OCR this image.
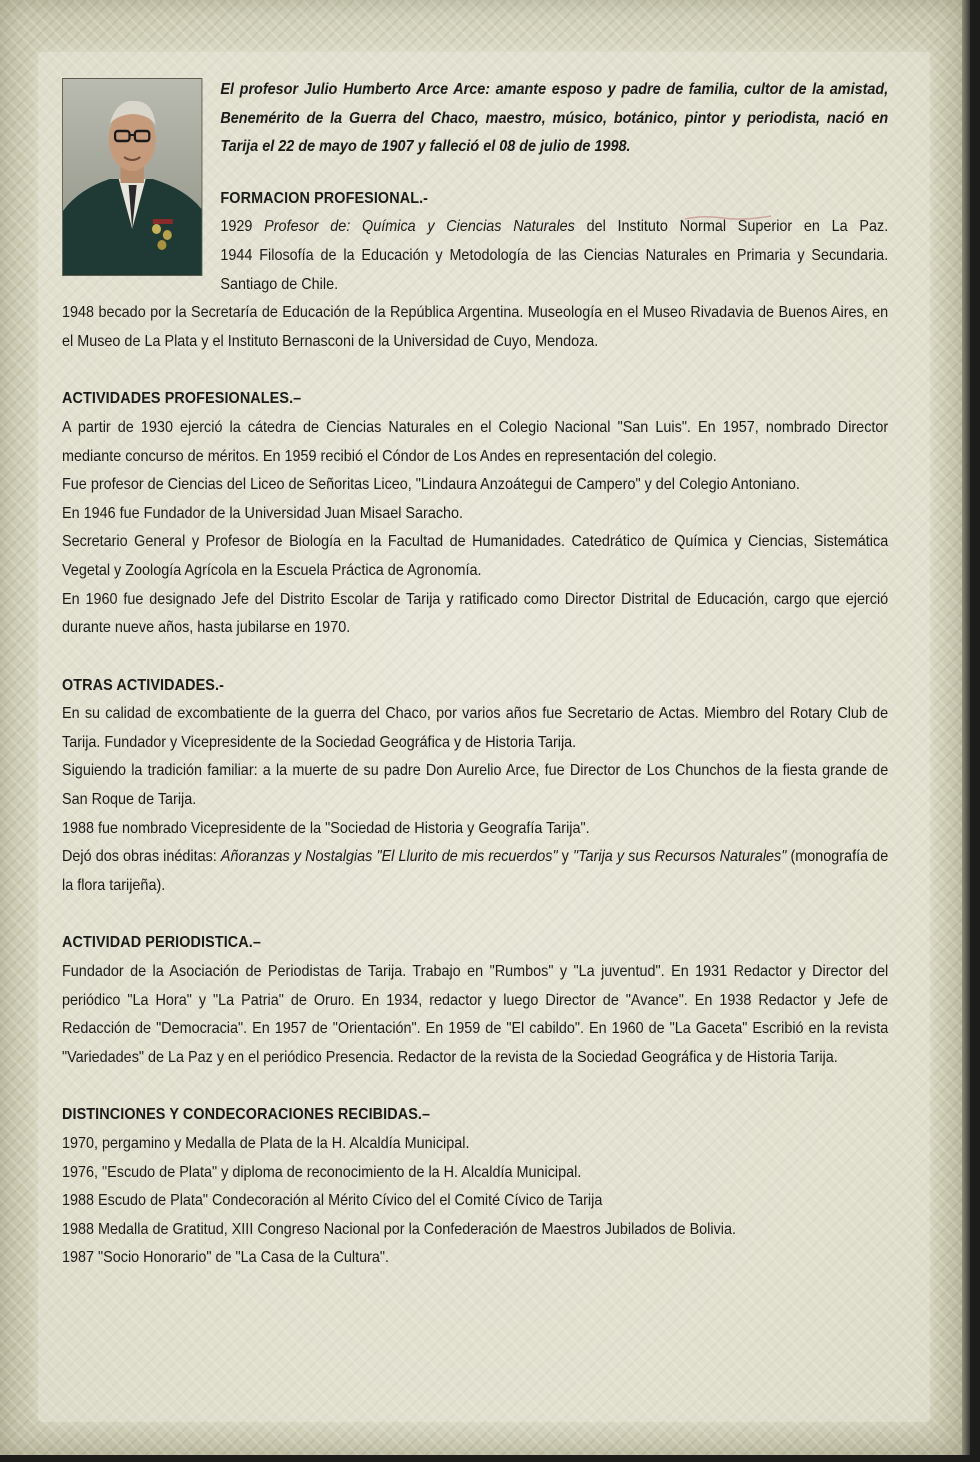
El profesor Julio Humberto Arce Arce: amante esposo y padre de familia, cultor de la amistad, Benemérito de la Guerra del Chaco, maestro, músico, botánico, pintor y periodista, nació en Tarija el 22 de mayo de 1907 y falleció el 08 de julio de 1998.

FORMACION PROFESIONAL.-

1929 Profesor de: Química y Ciencias Naturales del Instituto Normal Superior en La Paz.

1944 Filosofía de la Educación y Metodología de las Ciencias Naturales en Primaria y Secundaria. Santiago de Chile.

1948 becado por la Secretaría de Educación de la República Argentina. Museología en el Museo Rivadavia de Buenos Aires, en el Museo de La Plata y el Instituto Bernasconi de la Universidad de Cuyo, Mendoza.

ACTIVIDADES PROFESIONALES.–

A partir de 1930 ejerció la cátedra de Ciencias Naturales en el Colegio Nacional "San Luis". En 1957, nombrado Director mediante concurso de méritos. En 1959 recibió el Cóndor de Los Andes en representación del colegio.

Fue profesor de Ciencias del Liceo de Señoritas Liceo, "Lindaura Anzoátegui de Campero" y del Colegio Antoniano.

En 1946 fue Fundador de la Universidad Juan Misael Saracho.

Secretario General y Profesor de Biología en la Facultad de Humanidades. Catedrático de Química y Ciencias, Sistemática Vegetal y Zoología Agrícola en la Escuela Práctica de Agronomía.

En 1960 fue designado Jefe del Distrito Escolar de Tarija y ratificado como Director Distrital de Educación, cargo que ejerció durante nueve años, hasta jubilarse en 1970.

OTRAS ACTIVIDADES.-

En su calidad de excombatiente de la guerra del Chaco, por varios años fue Secretario de Actas. Miembro del Rotary Club de Tarija. Fundador y Vicepresidente de la Sociedad Geográfica y de Historia Tarija.

Siguiendo la tradición familiar: a la muerte de su padre Don Aurelio Arce, fue Director de Los Chunchos de la fiesta grande de San Roque de Tarija.

1988 fue nombrado Vicepresidente de la "Sociedad de Historia y Geografía Tarija".

Dejó dos obras inéditas: Añoranzas y Nostalgias "El Llurito de mis recuerdos" y "Tarija y sus Recursos Naturales" (monografía de la flora tarijeña).

ACTIVIDAD PERIODISTICA.–

Fundador de la Asociación de Periodistas de Tarija. Trabajo en "Rumbos" y "La juventud". En 1931 Redactor y Director del periódico "La Hora" y "La Patria" de Oruro. En 1934, redactor y luego Director de "Avance". En 1938 Redactor y Jefe de Redacción de "Democracia". En 1957 de "Orientación". En 1959 de "El cabildo". En 1960 de "La Gaceta" Escribió en la revista "Variedades" de La Paz y en el periódico Presencia. Redactor de la revista de la Sociedad Geográfica y de Historia Tarija.

DISTINCIONES Y CONDECORACIONES RECIBIDAS.–

1970, pergamino y Medalla de Plata de la H. Alcaldía Municipal.

1976, "Escudo de Plata" y diploma de reconocimiento de la H. Alcaldía Municipal.

1988 Escudo de Plata" Condecoración al Mérito Cívico del el Comité Cívico de Tarija

1988 Medalla de Gratitud, XIII Congreso Nacional por la Confederación de Maestros Jubilados de Bolivia.

1987 "Socio Honorario" de "La Casa de la Cultura".
